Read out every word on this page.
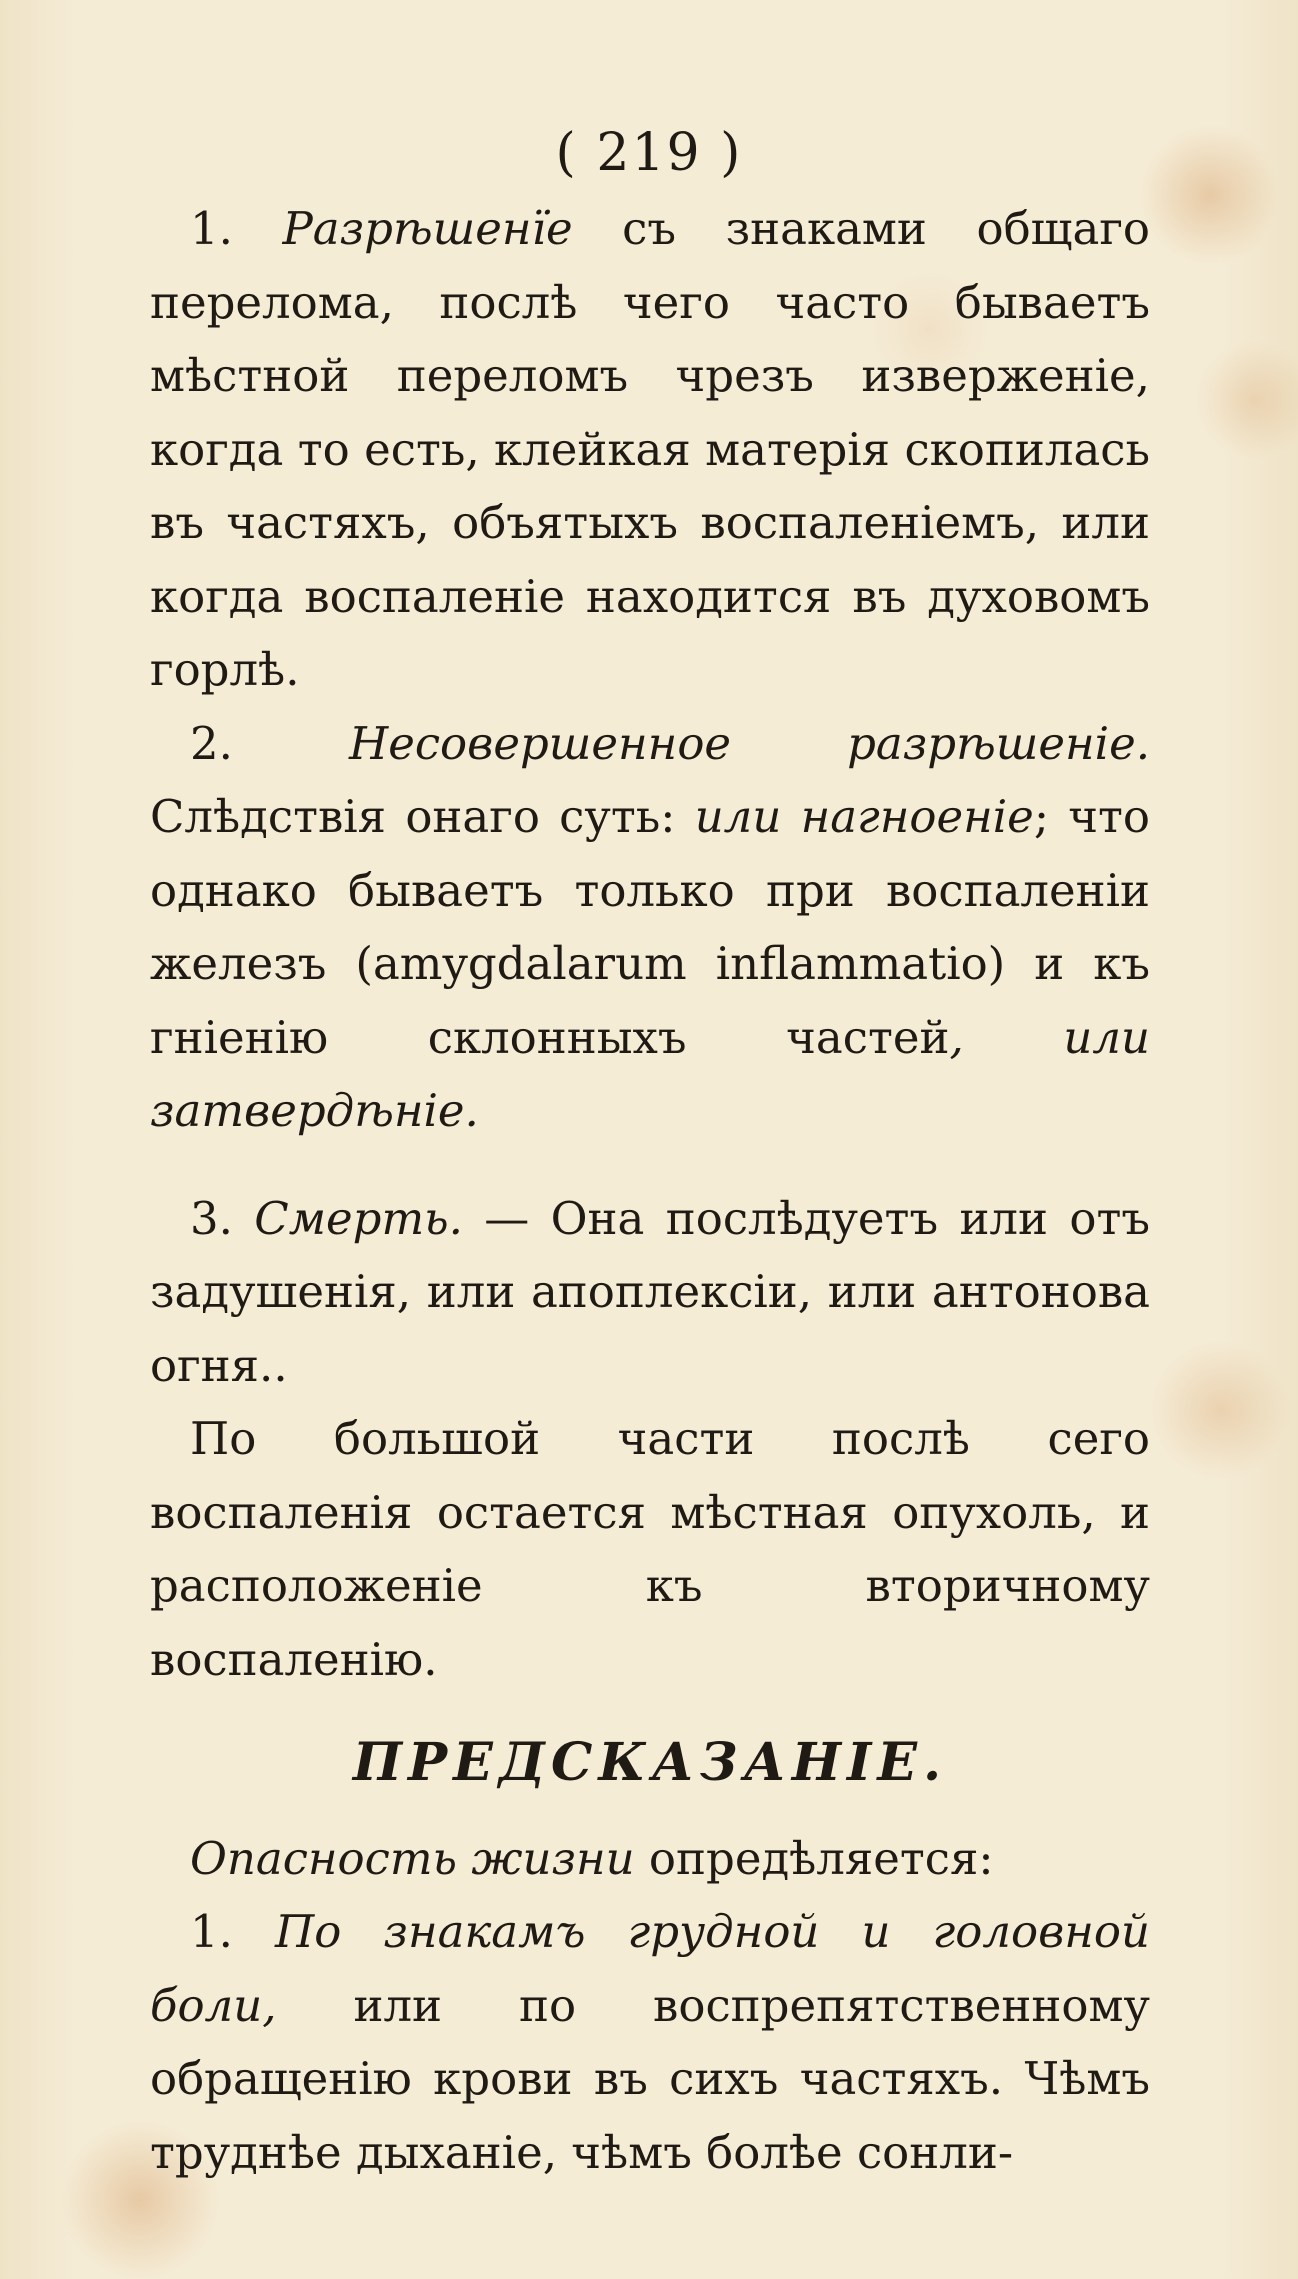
( 219 )

1. Разрѣшенїе съ знаками общаго перелома, послѣ чего часто бываетъ мѣстной переломъ чрезъ изверженіе, когда то есть, клейкая матерія скопилась въ частяхъ, объятыхъ воспаленіемъ, или когда воспаленіе находится въ духовомъ горлѣ.

2.	Несовершенное разрѣшеніе. Слѣдствія онаго суть: или нагноеніе; что однако бываетъ только при воспаленіи железъ (amygdalarum inflammatio) и къ гніенію склонныхъ частей, или затвердѣніе.

3. Смерть. — Она послѣдуетъ или отъ задушенія, или апоплексіи, или антонова огня..

По большой части послѣ сего воспаленія остается мѣстная опухоль, и расположеніе къ вторичному воспаленію.

ПРЕДСКАЗАНІЕ.

Опасность жизни опредѣляется:

1. По знакамъ грудной и головной боли, или по воспрепятственному обращенію крови въ сихъ частяхъ. Чѣмъ труднѣе дыханіе, чѣмъ болѣе сонли-
